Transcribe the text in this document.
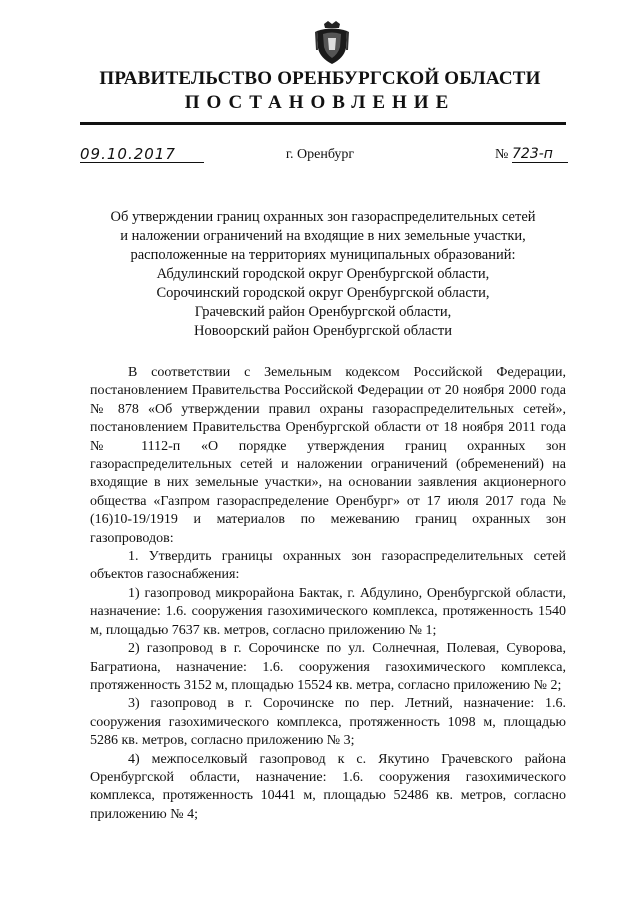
ПРАВИТЕЛЬСТВО ОРЕНБУРГСКОЙ ОБЛАСТИ
ПОСТАНОВЛЕНИЕ
09.10.2017	г. Оренбург	№ 723-п
Об утверждении границ охранных зон газораспределительных сетей
и наложении ограничений на входящие в них земельные участки,
расположенные на территориях муниципальных образований:
Абдулинский городской округ Оренбургской области,
Сорочинский городской округ Оренбургской области,
Грачевский район Оренбургской области,
Новоорский район Оренбургской области

В соответствии с Земельным кодексом Российской Федерации, постановлением Правительства Российской Федерации от 20 ноября 2000 года № 878 «Об утверждении правил охраны газораспределительных сетей», постановлением Правительства Оренбургской области от 18 ноября 2011 года № 1112-п «О порядке утверждения границ охранных зон газораспределительных сетей и наложении ограничений (обременений) на входящие в них земельные участки», на основании заявления акционерного общества «Газпром газораспределение Оренбург» от 17 июля 2017 года № (16)10-19/1919 и материалов по межеванию границ охранных зон газопроводов:

1. Утвердить границы охранных зон газораспределительных сетей объектов газоснабжения:

1) газопровод микрорайона Бактак, г. Абдулино, Оренбургской области, назначение: 1.6. сооружения газохимического комплекса, протяженность 1540 м, площадью 7637 кв. метров, согласно приложению № 1;

2) газопровод в г. Сорочинске по ул. Солнечная, Полевая, Суворова, Багратиона, назначение: 1.6. сооружения газохимического комплекса, протяженность 3152 м, площадью 15524 кв. метра, согласно приложению № 2;

3) газопровод в г. Сорочинске по пер. Летний, назначение: 1.6. сооружения газохимического комплекса, протяженность 1098 м, площадью 5286 кв. метров, согласно приложению № 3;

4) межпоселковый газопровод к с. Якутино Грачевского района Оренбургской области, назначение: 1.6. сооружения газохимического комплекса, протяженность 10441 м, площадью 52486 кв. метров, согласно приложению № 4;
